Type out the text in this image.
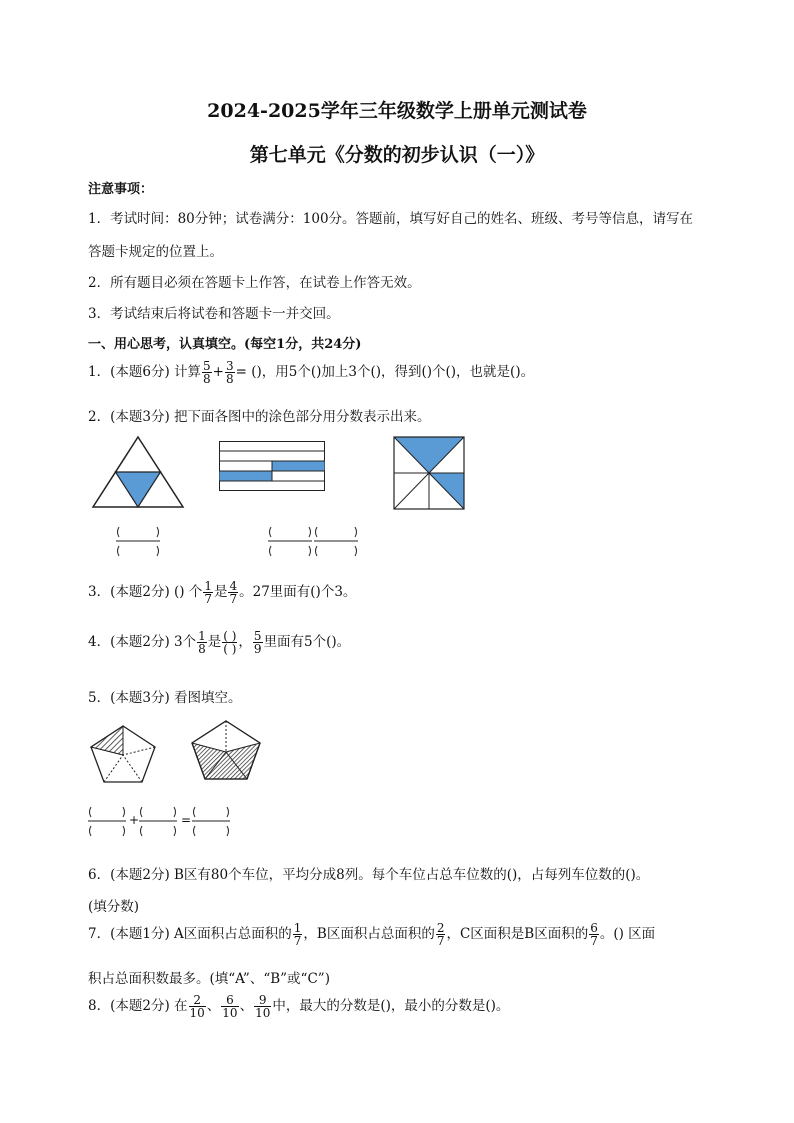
2024-2025学年三年级数学上册单元测试卷
第七单元《分数的初步认识（一）》
注意事项：
1．考试时间：80分钟；试卷满分：100分。答题前，填写好自己的姓名、班级、考号等信息，请写在
答题卡规定的位置上。
2．所有题目必须在答题卡上作答，在试卷上作答无效。
3．考试结束后将试卷和答题卡一并交回。
一、用心思考，认真填空。(每空1分，共24分)
1．(本题6分) 计算 $\frac{5}{8} + \frac{3}{8}$ = ()，用5个()加上3个()，得到()个()，也就是()。
2．(本题3分) 把下面各图中的涂色部分用分数表示出来。
3．(本题2分) () 个 $\frac{1}{7}$ 是 $\frac{4}{7}$ 。27里面有()个3。
4．(本题2分) 3个 $\frac{1}{8}$ 是 $\frac{( )}{( )}$ ， $\frac{5}{9}$ 里面有5个()。
5．(本题3分) 看图填空。
+	=
6．(本题2分) B区有80个车位，平均分成8列。每个车位占总车位数的()，占每列车位数的()。
(填分数)
7．(本题1分) A区面积占总面积的 $\frac{1}{7}$ ，B区面积占总面积的 $\frac{2}{7}$ ，C区面积是B区面积的 $\frac{6}{7}$ 。() 区面
积占总面积数最多。(填“A”、“B”或“C”)
8．(本题2分) 在 $\frac{2}{10}$ 、 $\frac{6}{10}$ 、 $\frac{9}{10}$ 中，最大的分数是()，最小的分数是()。
